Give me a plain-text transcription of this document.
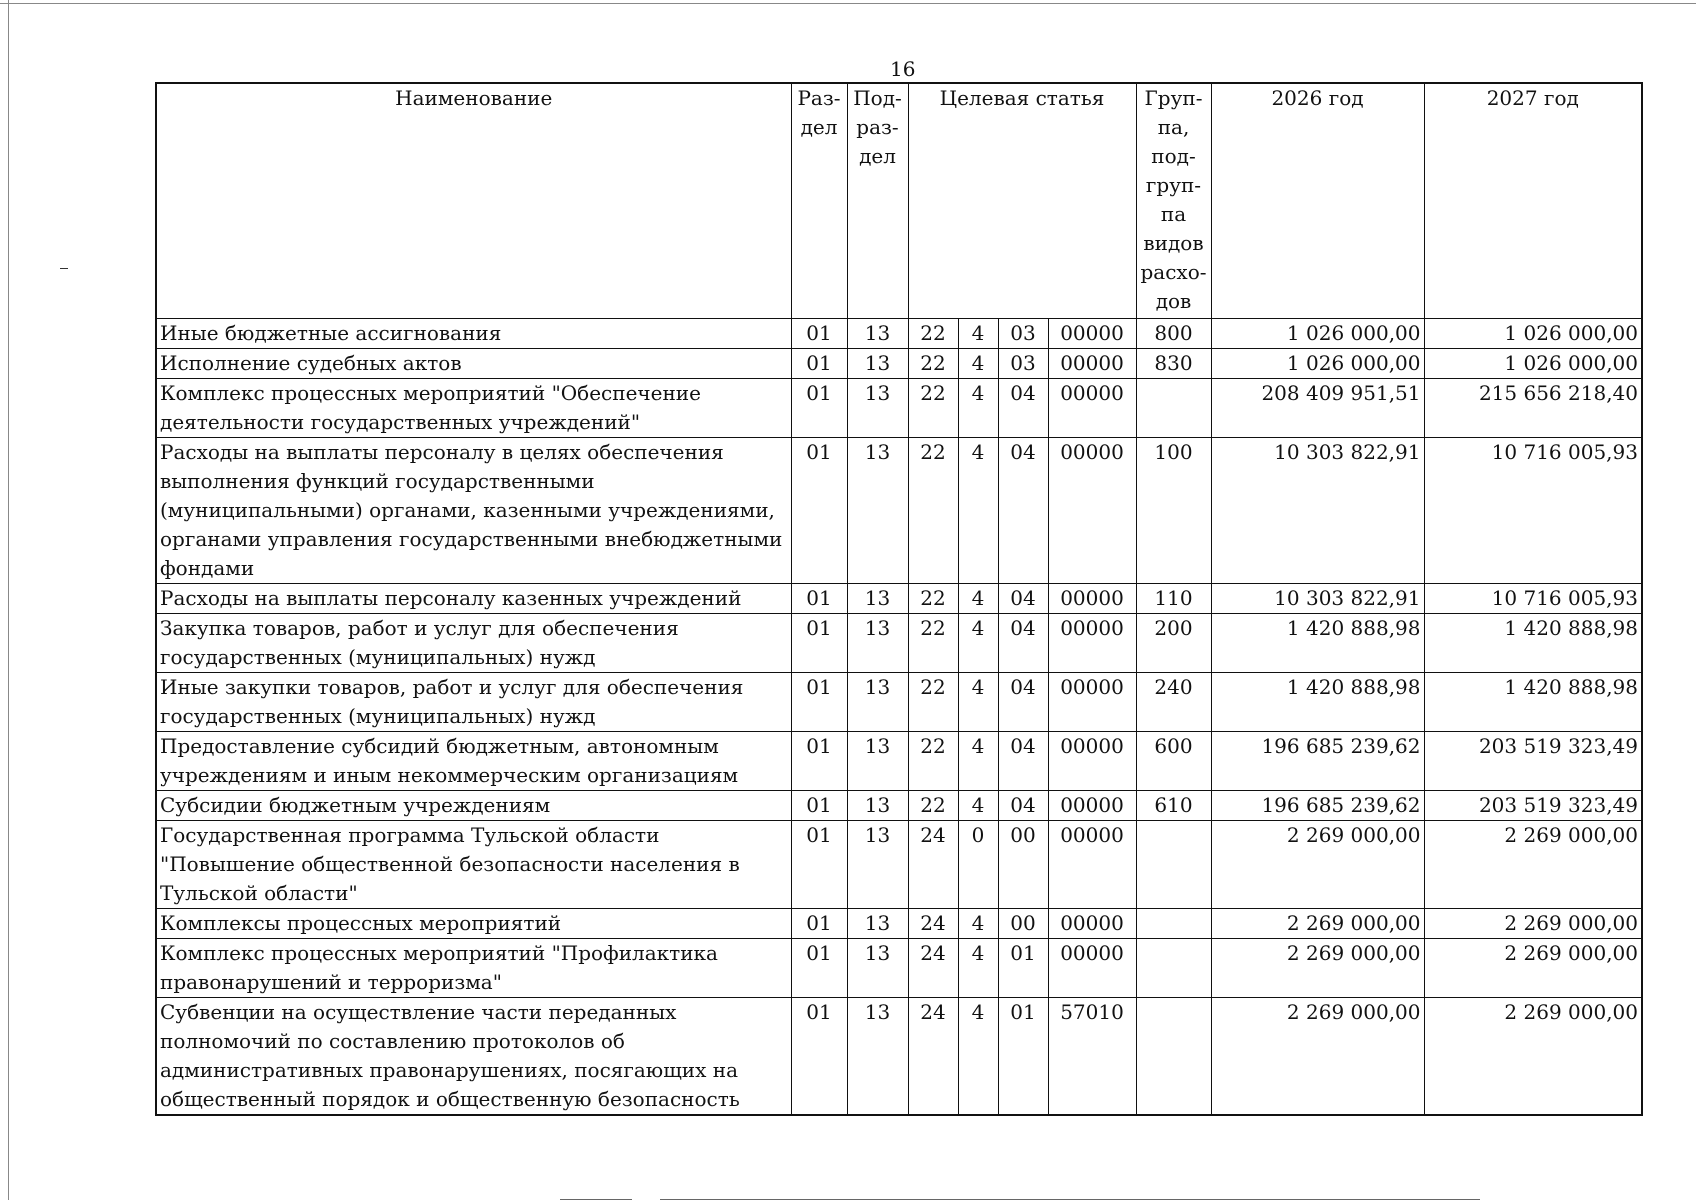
16
Наименование	Раз-дел	Под-раз-дел	Целевая статья				Груп-па, под-груп-па видов расхо-дов	2026 год	2027 год
Иные бюджетные ассигнования	01	13	22	4	03	00000	800	1 026 000,00	1 026 000,00
Исполнение судебных актов	01	13	22	4	03	00000	830	1 026 000,00	1 026 000,00
Комплекс процессных мероприятий "Обеспечение деятельности государственных учреждений"	01	13	22	4	04	00000		208 409 951,51	215 656 218,40
Расходы на выплаты персоналу в целях обеспечения выполнения функций государственными (муниципальными) органами, казенными учреждениями, органами управления государственными внебюджетными фондами	01	13	22	4	04	00000	100	10 303 822,91	10 716 005,93
Расходы на выплаты персоналу казенных учреждений	01	13	22	4	04	00000	110	10 303 822,91	10 716 005,93
Закупка товаров, работ и услуг для обеспечения государственных (муниципальных) нужд	01	13	22	4	04	00000	200	1 420 888,98	1 420 888,98
Иные закупки товаров, работ и услуг для обеспечения государственных (муниципальных) нужд	01	13	22	4	04	00000	240	1 420 888,98	1 420 888,98
Предоставление субсидий бюджетным, автономным учреждениям и иным некоммерческим организациям	01	13	22	4	04	00000	600	196 685 239,62	203 519 323,49
Субсидии бюджетным учреждениям	01	13	22	4	04	00000	610	196 685 239,62	203 519 323,49
Государственная программа Тульской области "Повышение общественной безопасности населения в Тульской области"	01	13	24	0	00	00000		2 269 000,00	2 269 000,00
Комплексы процессных мероприятий	01	13	24	4	00	00000		2 269 000,00	2 269 000,00
Комплекс процессных мероприятий "Профилактика правонарушений и терроризма"	01	13	24	4	01	00000		2 269 000,00	2 269 000,00
Субвенции на осуществление части переданных полномочий по составлению протоколов об административных правонарушениях, посягающих на общественный порядок и общественную безопасность	01	13	24	4	01	57010		2 269 000,00	2 269 000,00
